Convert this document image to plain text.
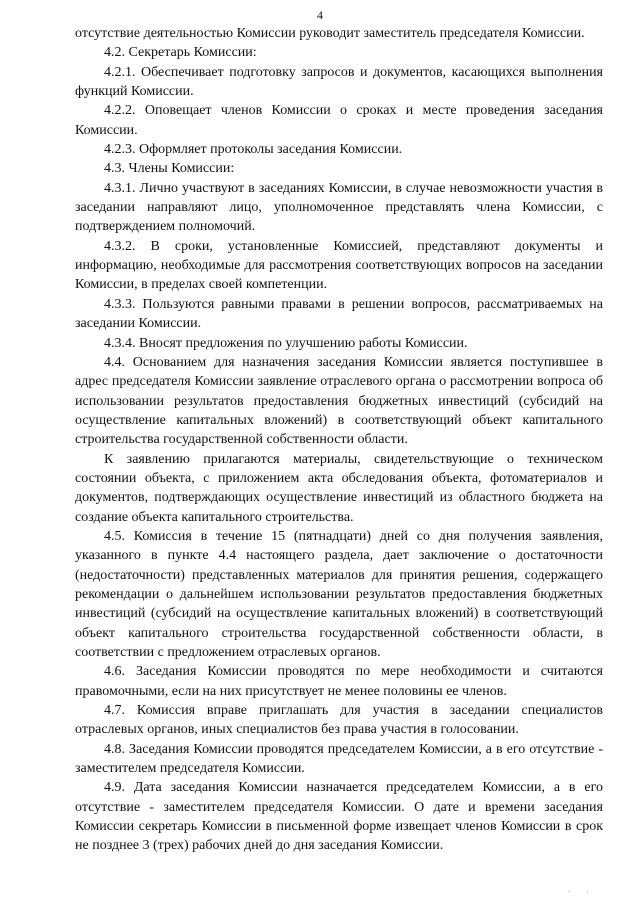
4

отсутствие деятельностью Комиссии руководит заместитель председателя Комиссии.

4.2. Секретарь Комиссии:

4.2.1. Обеспечивает подготовку запросов и документов, касающихся выполнения функций Комиссии.

4.2.2. Оповещает членов Комиссии о сроках и месте проведения заседания Комиссии.

4.2.3. Оформляет протоколы заседания Комиссии.

4.3. Члены Комиссии:

4.3.1. Лично участвуют в заседаниях Комиссии, в случае невозможности участия в заседании направляют лицо, уполномоченное представлять члена Комиссии, с подтверждением полномочий.

4.3.2. В сроки, установленные Комиссией, представляют документы и информацию, необходимые для рассмотрения соответствующих вопросов на заседании Комиссии, в пределах своей компетенции.

4.3.3. Пользуются равными правами в решении вопросов, рассматриваемых на заседании Комиссии.

4.3.4. Вносят предложения по улучшению работы Комиссии.

4.4. Основанием для назначения заседания Комиссии является поступившее в адрес председателя Комиссии заявление отраслевого органа о рассмотрении вопроса об использовании результатов предоставления бюджетных инвестиций (субсидий на осуществление капитальных вложений) в соответствующий объект капитального строительства государственной собственности области.

К заявлению прилагаются материалы, свидетельствующие о техническом состоянии объекта, с приложением акта обследования объекта, фотоматериалов и документов, подтверждающих осуществление инвестиций из областного бюджета на создание объекта капитального строительства.

4.5. Комиссия в течение 15 (пятнадцати) дней со дня получения заявления, указанного в пункте 4.4 настоящего раздела, дает заключение о достаточности (недостаточности) представленных материалов для принятия решения, содержащего рекомендации о дальнейшем использовании результатов предоставления бюджетных инвестиций (субсидий на осуществление капитальных вложений) в соответствующий объект капитального строительства государственной собственности области, в соответствии с предложением отраслевых органов.

4.6. Заседания Комиссии проводятся по мере необходимости и считаются правомочными, если на них присутствует не менее половины ее членов.

4.7. Комиссия вправе приглашать для участия в заседании специалистов отраслевых органов, иных специалистов без права участия в голосовании.

4.8. Заседания Комиссии проводятся председателем Комиссии, а в его отсутствие - заместителем председателя Комиссии.

4.9. Дата заседания Комиссии назначается председателем Комиссии, а в его отсутствие - заместителем председателя Комиссии. О дате и времени заседания Комиссии секретарь Комиссии в письменной форме извещает членов Комиссии в срок не позднее 3 (трех) рабочих дней до дня заседания Комиссии.

. ·
